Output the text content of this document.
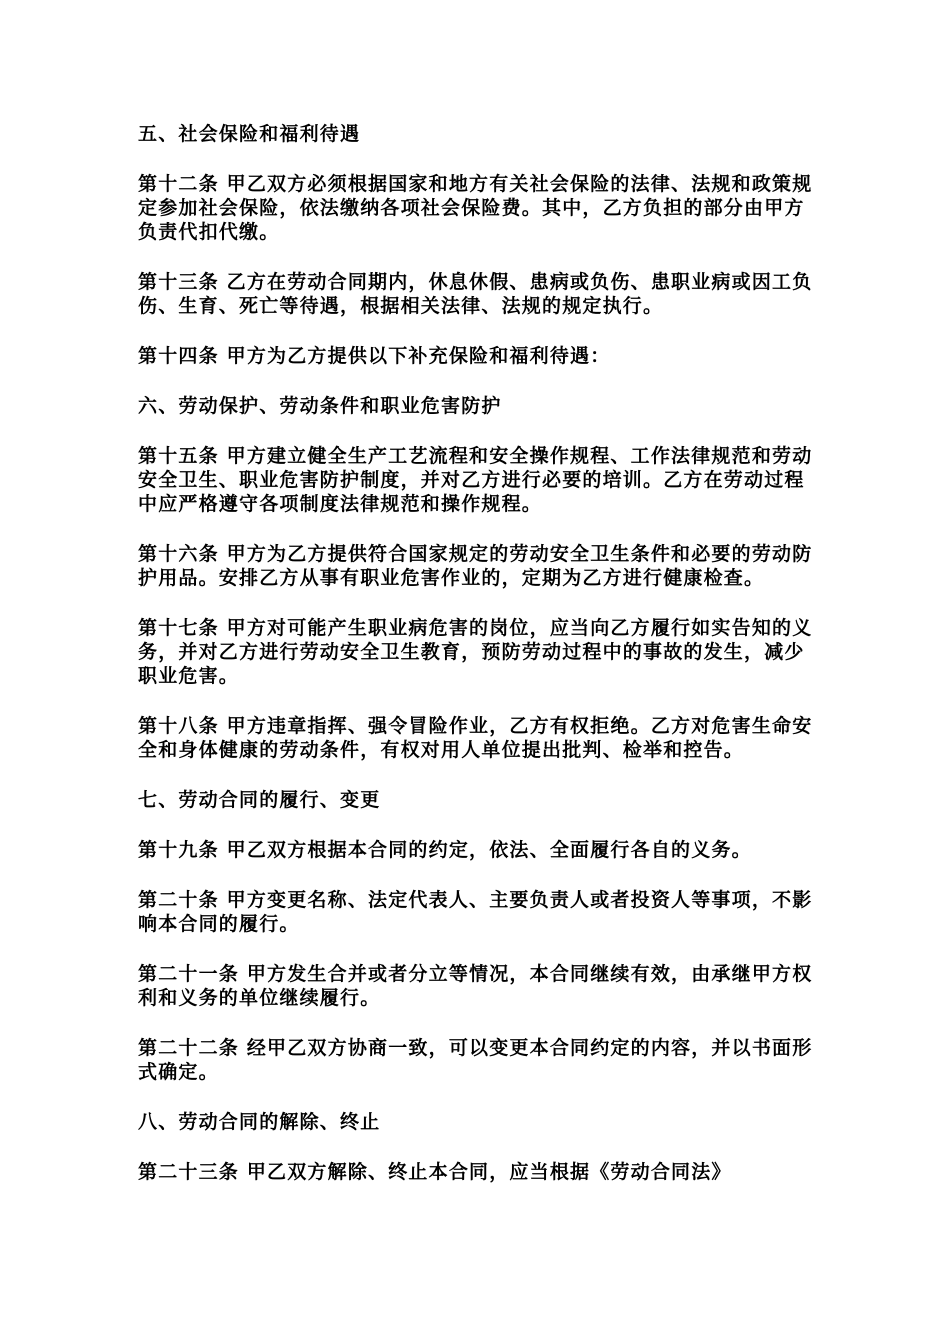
五、社会保险和福利待遇

第十二条 甲乙双方必须根据国家和地方有关社会保险的法律、法规和政策规定参加社会保险，依法缴纳各项社会保险费。其中，乙方负担的部分由甲方负责代扣代缴。

第十三条 乙方在劳动合同期内，休息休假、患病或负伤、患职业病或因工负伤、生育、死亡等待遇，根据相关法律、法规的规定执行。

第十四条 甲方为乙方提供以下补充保险和福利待遇：

六、劳动保护、劳动条件和职业危害防护

第十五条 甲方建立健全生产工艺流程和安全操作规程、工作法律规范和劳动安全卫生、职业危害防护制度，并对乙方进行必要的培训。乙方在劳动过程中应严格遵守各项制度法律规范和操作规程。

第十六条 甲方为乙方提供符合国家规定的劳动安全卫生条件和必要的劳动防护用品。安排乙方从事有职业危害作业的，定期为乙方进行健康检查。

第十七条 甲方对可能产生职业病危害的岗位，应当向乙方履行如实告知的义务，并对乙方进行劳动安全卫生教育，预防劳动过程中的事故的发生，减少职业危害。

第十八条 甲方违章指挥、强令冒险作业，乙方有权拒绝。乙方对危害生命安全和身体健康的劳动条件，有权对用人单位提出批判、检举和控告。

七、劳动合同的履行、变更

第十九条 甲乙双方根据本合同的约定，依法、全面履行各自的义务。

第二十条 甲方变更名称、法定代表人、主要负责人或者投资人等事项，不影响本合同的履行。

第二十一条 甲方发生合并或者分立等情况，本合同继续有效，由承继甲方权利和义务的单位继续履行。

第二十二条 经甲乙双方协商一致，可以变更本合同约定的内容，并以书面形式确定。

八、劳动合同的解除、终止

第二十三条 甲乙双方解除、终止本合同，应当根据《劳动合同法》
